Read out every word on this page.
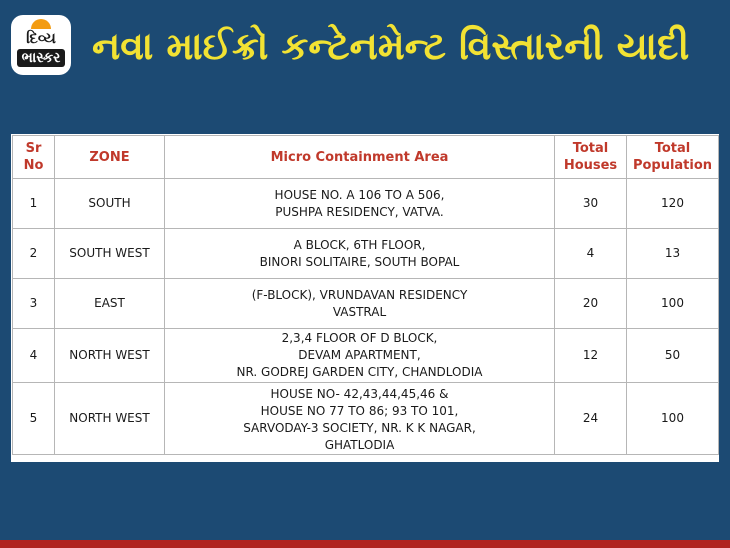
દિવ્ય
ભાસ્કર નવા માઈક્રો કન્ટેનમેન્ટ વિસ્તારની યાદી
Sr
No	ZONE	Micro Containment Area	Total
Houses	Total
Population
1	SOUTH	HOUSE NO. A 106 TO A 506,
PUSHPA RESIDENCY, VATVA.	30	120
2	SOUTH WEST	A BLOCK, 6TH FLOOR,
BINORI SOLITAIRE, SOUTH BOPAL	4	13
3	EAST	(F-BLOCK), VRUNDAVAN RESIDENCY
VASTRAL	20	100
4	NORTH WEST	2,3,4 FLOOR OF D BLOCK,
DEVAM APARTMENT,
NR. GODREJ GARDEN CITY, CHANDLODIA	12	50
5	NORTH WEST	HOUSE NO- 42,43,44,45,46 &
HOUSE NO 77 TO 86; 93 TO 101,
SARVODAY-3 SOCIETY, NR. K K NAGAR,
GHATLODIA	24	100
